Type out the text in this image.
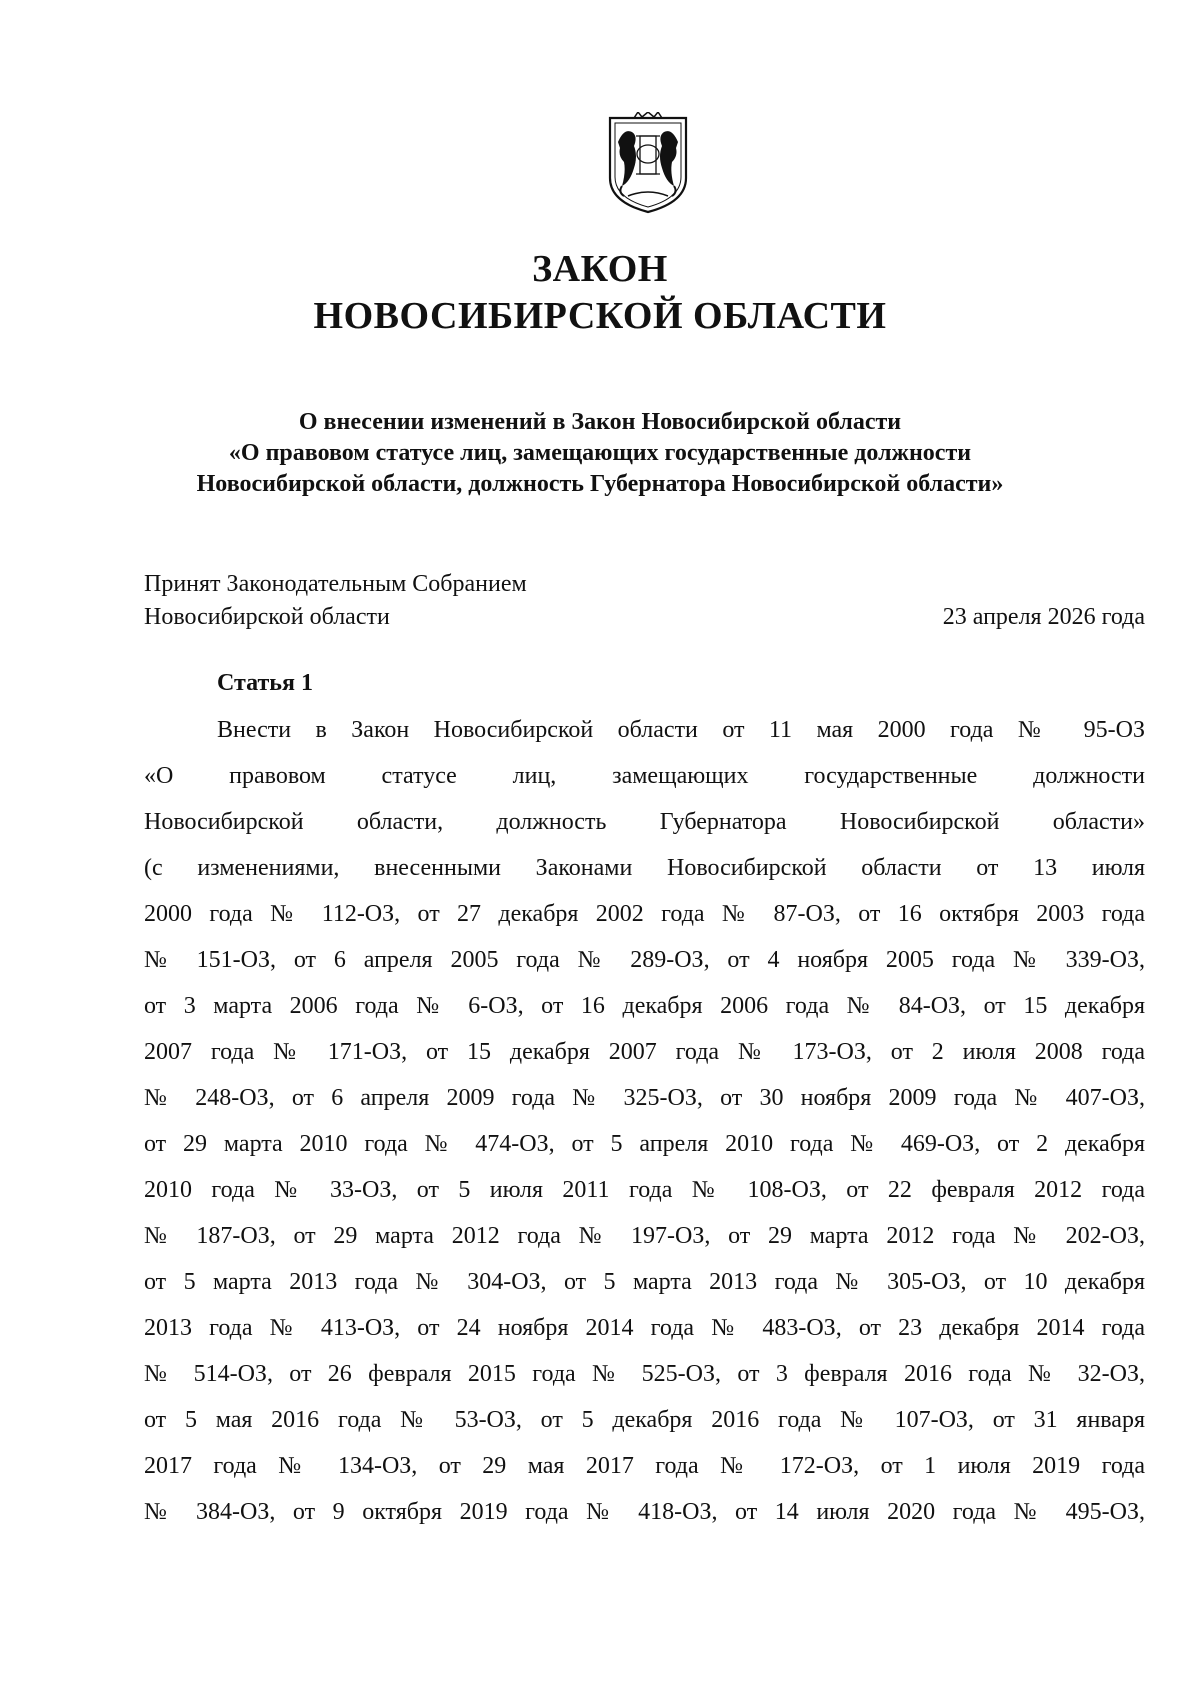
ЗАКОН
НОВОСИБИРСКОЙ ОБЛАСТИ
О внесении изменений в Закон Новосибирской области
«О правовом статусе лиц, замещающих государственные должности
Новосибирской области, должность Губернатора Новосибирской области»
Принят Законодательным Собранием
Новосибирской области	23 апреля 2026 года
Статья 1
Внести в Закон Новосибирской области от 11 мая 2000 года № 95-ОЗ
«О правовом статусе лиц, замещающих государственные должности
Новосибирской области, должность Губернатора Новосибирской области»
(с изменениями, внесенными Законами Новосибирской области от 13 июля
2000 года № 112-ОЗ, от 27 декабря 2002 года № 87-ОЗ, от 16 октября 2003 года
№ 151-ОЗ, от 6 апреля 2005 года № 289-ОЗ, от 4 ноября 2005 года № 339-ОЗ,
от 3 марта 2006 года № 6-ОЗ, от 16 декабря 2006 года № 84-ОЗ, от 15 декабря
2007 года № 171-ОЗ, от 15 декабря 2007 года № 173-ОЗ, от 2 июля 2008 года
№ 248-ОЗ, от 6 апреля 2009 года № 325-ОЗ, от 30 ноября 2009 года № 407-ОЗ,
от 29 марта 2010 года № 474-ОЗ, от 5 апреля 2010 года № 469-ОЗ, от 2 декабря
2010 года № 33-ОЗ, от 5 июля 2011 года № 108-ОЗ, от 22 февраля 2012 года
№ 187-ОЗ, от 29 марта 2012 года № 197-ОЗ, от 29 марта 2012 года № 202-ОЗ,
от 5 марта 2013 года № 304-ОЗ, от 5 марта 2013 года № 305-ОЗ, от 10 декабря
2013 года № 413-ОЗ, от 24 ноября 2014 года № 483-ОЗ, от 23 декабря 2014 года
№ 514-ОЗ, от 26 февраля 2015 года № 525-ОЗ, от 3 февраля 2016 года № 32-ОЗ,
от 5 мая 2016 года № 53-ОЗ, от 5 декабря 2016 года № 107-ОЗ, от 31 января
2017 года № 134-ОЗ, от 29 мая 2017 года № 172-ОЗ, от 1 июля 2019 года
№ 384-ОЗ, от 9 октября 2019 года № 418-ОЗ, от 14 июля 2020 года № 495-ОЗ,
